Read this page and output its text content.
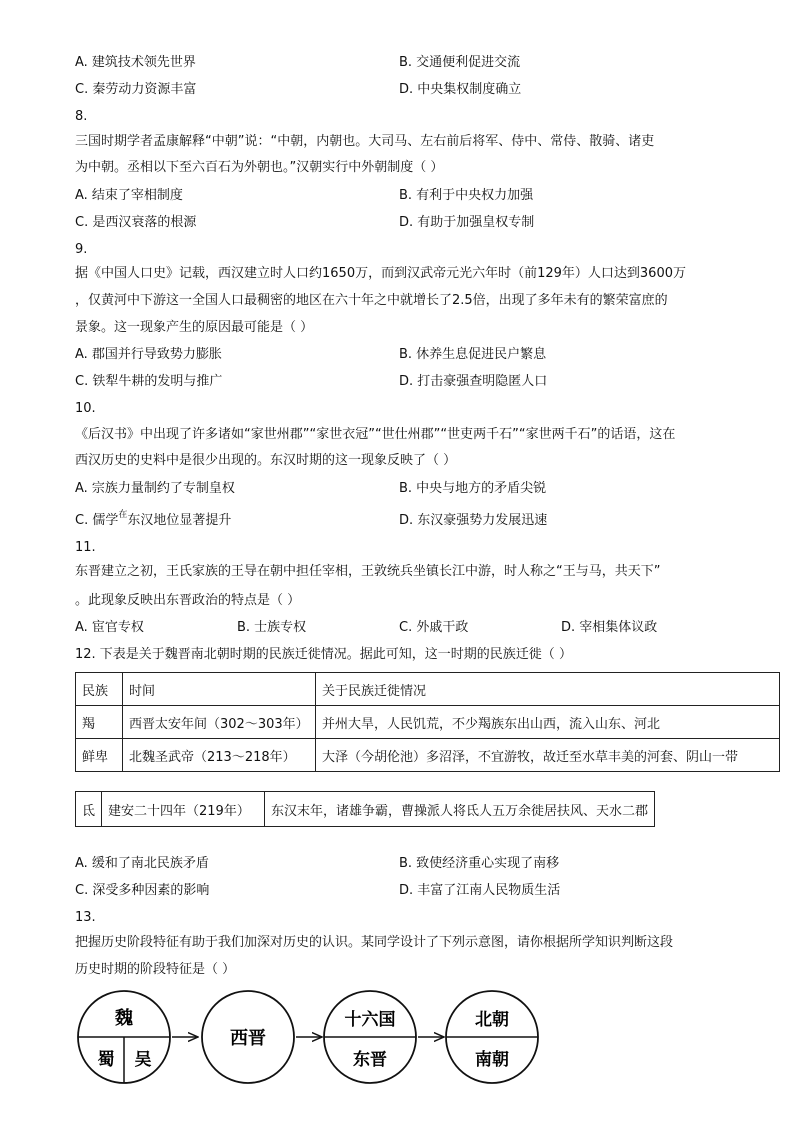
A. 建筑技术领先世界	B. 交通便利促进交流
C. 秦劳动力资源丰富	D. 中央集权制度确立
8.
三国时期学者孟康解释“中朝”说：“中朝，内朝也。大司马、左右前后将军、侍中、常侍、散骑、诸吏
为中朝。丞相以下至六百石为外朝也。”汉朝实行中外朝制度（ ）
A. 结束了宰相制度	B. 有利于中央权力加强
C. 是西汉衰落的根源	D. 有助于加强皇权专制
9.
据《中国人口史》记载，西汉建立时人口约1650万，而到汉武帝元光六年时（前129年）人口达到3600万
，仅黄河中下游这一全国人口最稠密的地区在六十年之中就增长了2.5倍，出现了多年未有的繁荣富庶的
景象。这一现象产生的原因最可能是（ ）
A. 郡国并行导致势力膨胀	B. 休养生息促进民户繁息
C. 铁犁牛耕的发明与推广	D. 打击豪强查明隐匿人口
10.
《后汉书》中出现了许多诸如“家世州郡”“家世衣冠”“世仕州郡”“世吏两千石”“家世两千石”的话语，这在
西汉历史的史料中是很少出现的。东汉时期的这一现象反映了（ ）
A. 宗族力量制约了专制皇权	B. 中央与地方的矛盾尖锐
C. 儒学$^在$东汉地位显著提升	D. 东汉豪强势力发展迅速
11.
东晋建立之初，王氏家族的王导在朝中担任宰相，王敦统兵坐镇长江中游，时人称之“王与马，共天下”
。此现象反映出东晋政治的特点是（ ）
A. 宦官专权	B. 士族专权	C. 外戚干政	D. 宰相集体议政
12. 下表是关于魏晋南北朝时期的民族迁徙情况。据此可知，这一时期的民族迁徙（ ）
民族	时间	关于民族迁徙情况
羯	西晋太安年间（302～303年）	并州大旱，人民饥荒，不少羯族东出山西，流入山东、河北
鲜卑	北魏圣武帝（213～218年）	大泽（今胡伦池）多沼泽，不宜游牧，故迁至水草丰美的河套、阴山一带
氐	建安二十四年（219年）	东汉末年，诸雄争霸，曹操派人将氐人五万余徙居扶风、天水二郡
A. 缓和了南北民族矛盾	B. 致使经济重心实现了南移
C. 深受多种因素的影响	D. 丰富了江南人民物质生活
13.
把握历史阶段特征有助于我们加深对历史的认识。某同学设计了下列示意图，请你根据所学知识判断这段
历史时期的阶段特征是（ ）
魏
蜀 吴
西晋
十六国
东晋
北朝
南朝
